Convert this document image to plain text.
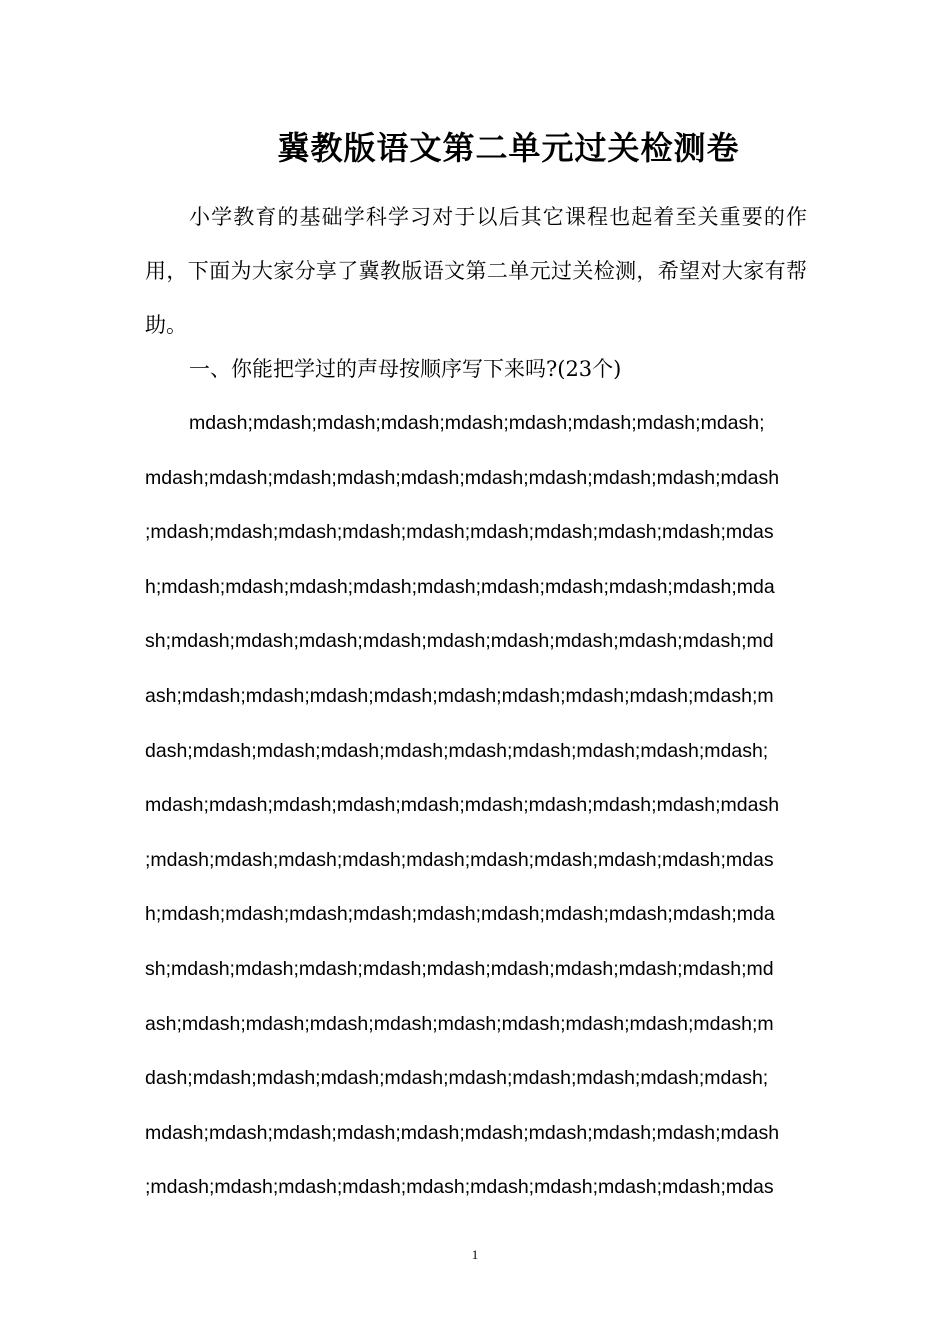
冀教版语文第二单元过关检测卷

小学教育的基础学科学习对于以后其它课程也起着至关重要的作用，下面为大家分享了冀教版语文第二单元过关检测，希望对大家有帮助。

一、你能把学过的声母按顺序写下来吗?(23个)

mdash;mdash;mdash;mdash;mdash;mdash;mdash;mdash;mdash;
mdash;mdash;mdash;mdash;mdash;mdash;mdash;mdash;mdash;mdash
;mdash;mdash;mdash;mdash;mdash;mdash;mdash;mdash;mdash;mdas
h;mdash;mdash;mdash;mdash;mdash;mdash;mdash;mdash;mdash;mda
sh;mdash;mdash;mdash;mdash;mdash;mdash;mdash;mdash;mdash;md
ash;mdash;mdash;mdash;mdash;mdash;mdash;mdash;mdash;mdash;m
dash;mdash;mdash;mdash;mdash;mdash;mdash;mdash;mdash;mdash;
mdash;mdash;mdash;mdash;mdash;mdash;mdash;mdash;mdash;mdash
;mdash;mdash;mdash;mdash;mdash;mdash;mdash;mdash;mdash;mdas
h;mdash;mdash;mdash;mdash;mdash;mdash;mdash;mdash;mdash;mda
sh;mdash;mdash;mdash;mdash;mdash;mdash;mdash;mdash;mdash;md
ash;mdash;mdash;mdash;mdash;mdash;mdash;mdash;mdash;mdash;m
dash;mdash;mdash;mdash;mdash;mdash;mdash;mdash;mdash;mdash;
mdash;mdash;mdash;mdash;mdash;mdash;mdash;mdash;mdash;mdash
;mdash;mdash;mdash;mdash;mdash;mdash;mdash;mdash;mdash;mdas

1
